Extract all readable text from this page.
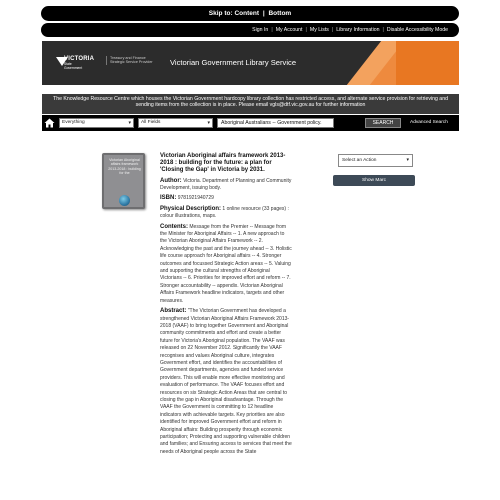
Skip to: Content | Bottom
Sign In | My Account | My Lists | Library Information | Disable Accessibility Mode
VICTORIA
State
Government
Treasury and Finance
Strategic Service Provider Victorian Government Library Service
The Knowledge Resource Centre which houses the Victorian Government hardcopy library collection has restricted access, and alternate service provision for retrieving and sending items from the collection is in place. Please email vgls@dtf.vic.gov.au for further information
Everything ▾	All Fields ▾	Aboriginal Australians -- Government policy.	SEARCH	Advanced Search
Victorian Aboriginal affairs framework 2013-2018 : building for the
Victorian Aboriginal affairs framework 2013-2018 : building for the future: a plan for 'Closing the Gap' in Victoria by 2031.

Author: Victoria. Department of Planning and Community Development, issuing body.

ISBN: 9781921940729

Physical Description: 1 online resource (33 pages) : colour illustrations, maps.

Contents: Message from the Premier -- Message from the Minister for Aboriginal Affairs -- 1. A new approach to the Victorian Aboriginal Affairs Framework -- 2. Acknowledging the past and the journey ahead -- 3. Holistic life course approach for Aboriginal affairs -- 4. Stronger outcomes and focussed Strategic Action areas -- 5. Valuing and supporting the cultural strengths of Aboriginal Victorians -- 6. Priorities for improved effort and reform -- 7. Stronger accountability -- appendix. Victorian Aboriginal Affairs Framework headline indicators, targets and other measures.

Abstract: "The Victorian Government has developed a strengthened Victorian Aboriginal Affairs Framework 2013-2018 (VAAF) to bring together Government and Aboriginal community commitments and effort and create a better future for Victoria's Aboriginal population. The VAAF was released on 22 November 2012. Significantly the VAAF recognises and values Aboriginal culture, integrates Government effort, and identifies the accountabilities of Government departments, agencies and funded service providers. This will enable more effective monitoring and evaluation of performance. The VAAF focuses effort and resources on six Strategic Action Areas that are central to closing the gap in Aboriginal disadvantage. Through the VAAF the Government is committing to 12 headline indicators with achievable targets. Key priorities are also identified for improved Government effort and reform in Aboriginal affairs: Building prosperity through economic participation; Protecting and supporting vulnerable children and families; and Ensuring access to services that meet the needs of Aboriginal people across the State

Select an Action ▾
Show Marc
